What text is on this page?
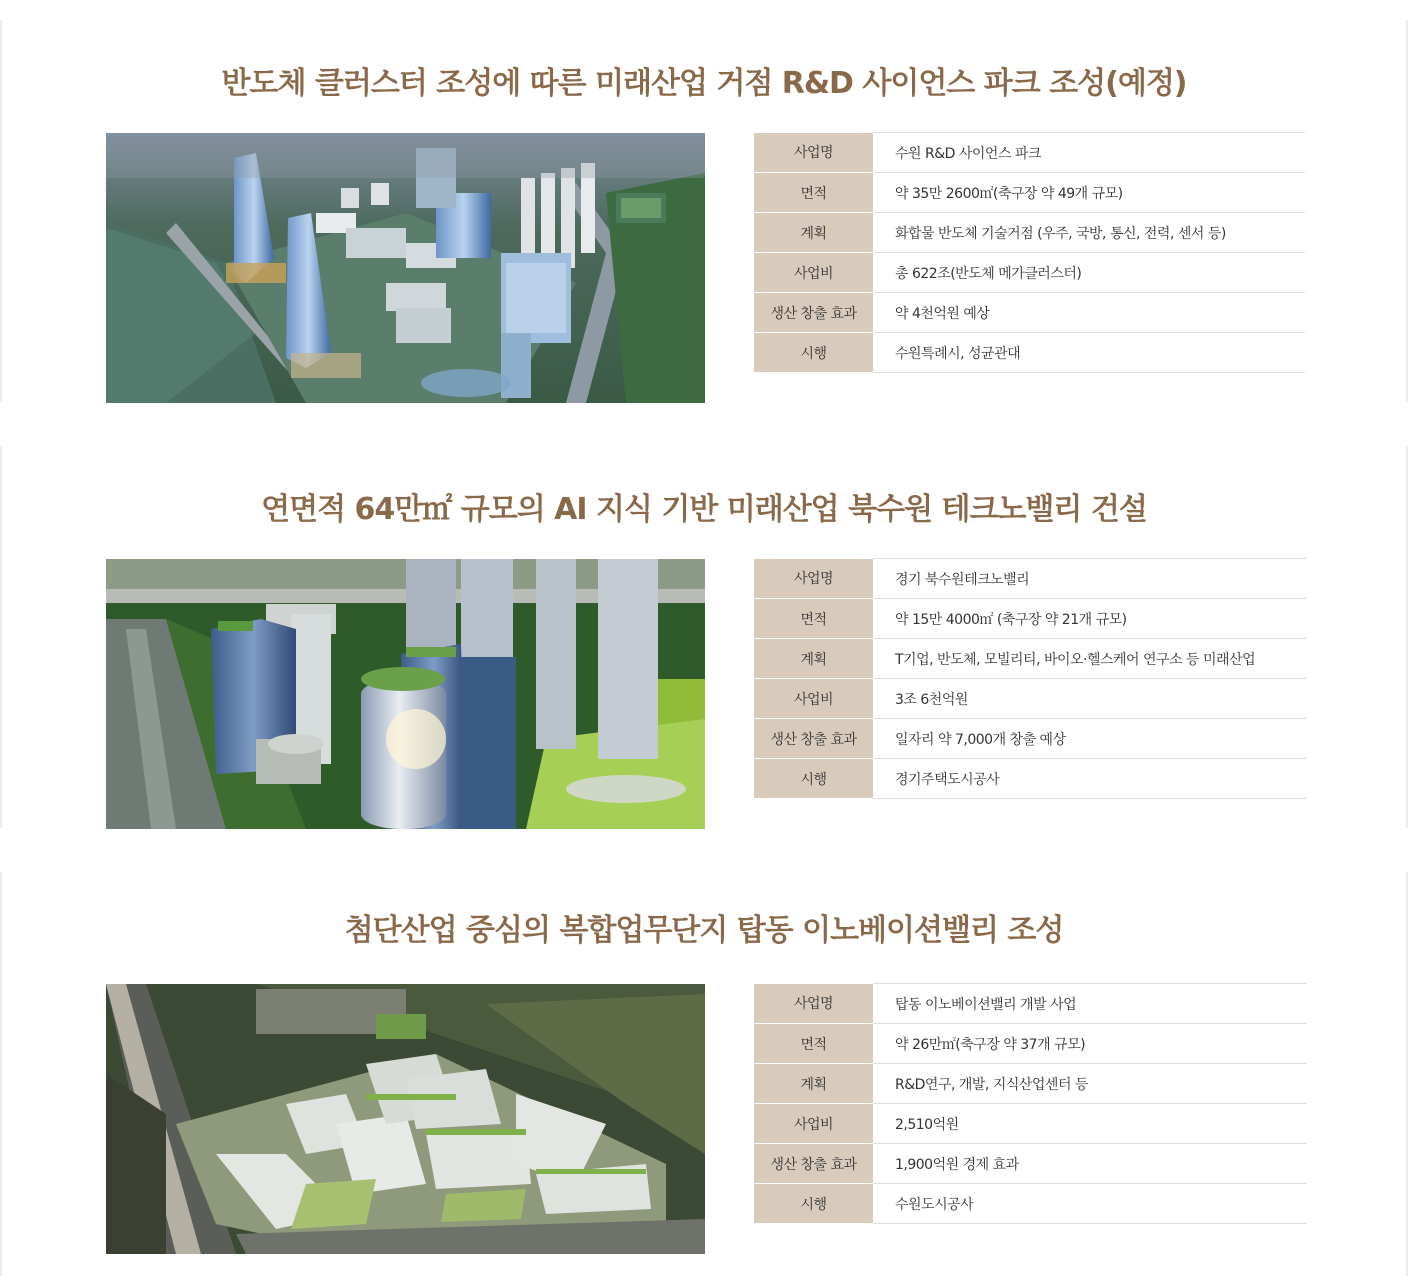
반도체 클러스터 조성에 따른 미래산업 거점 R&D 사이언스 파크 조성(예정)
사업명	수원 R&D 사이언스 파크
면적	약 35만 2600㎡(축구장 약 49개 규모)
계획	화합물 반도체 기술거점 (우주, 국방, 통신, 전력, 센서 등)
사업비	총 622조(반도체 메가클러스터)
생산 창출 효과	약 4천억원 예상
시행	수원특례시, 성균관대
연면적 64만㎡ 규모의 AI 지식 기반 미래산업 북수원 테크노밸리 건설
사업명	경기 북수원테크노밸리
면적	약 15만 4000㎡ (축구장 약 21개 규모)
계획	T기업, 반도체, 모빌리티, 바이오·헬스케어 연구소 등 미래산업
사업비	3조 6천억원
생산 창출 효과	일자리 약 7,000개 창출 예상
시행	경기주택도시공사
첨단산업 중심의 복합업무단지 탑동 이노베이션밸리 조성
사업명	탑동 이노베이션밸리 개발 사업
면적	약 26만㎡(축구장 약 37개 규모)
계획	R&D연구, 개발, 지식산업센터 등
사업비	2,510억원
생산 창출 효과	1,900억원 경제 효과
시행	수원도시공사
